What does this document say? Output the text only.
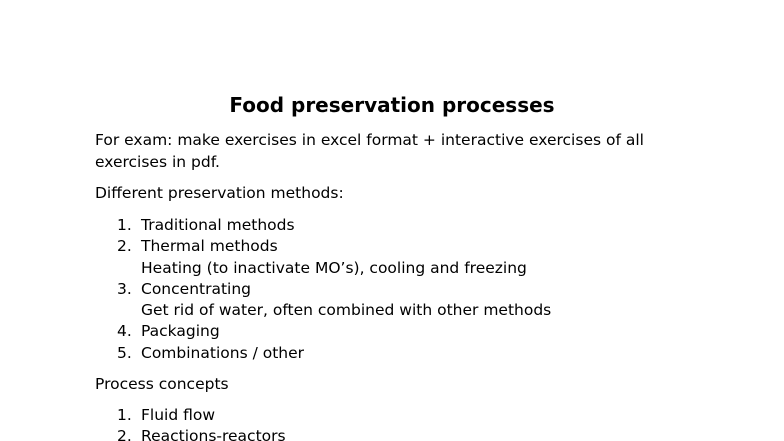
Food preservation processes

For exam: make exercises in excel format + interactive exercises of all exercises in pdf.

Different preservation methods:

1. Traditional methods
2. Thermal methods
Heating (to inactivate MO’s), cooling and freezing
3. Concentrating
Get rid of water, often combined with other methods
4. Packaging
5. Combinations / other

Process concepts

1. Fluid flow
2. Reactions-reactors
